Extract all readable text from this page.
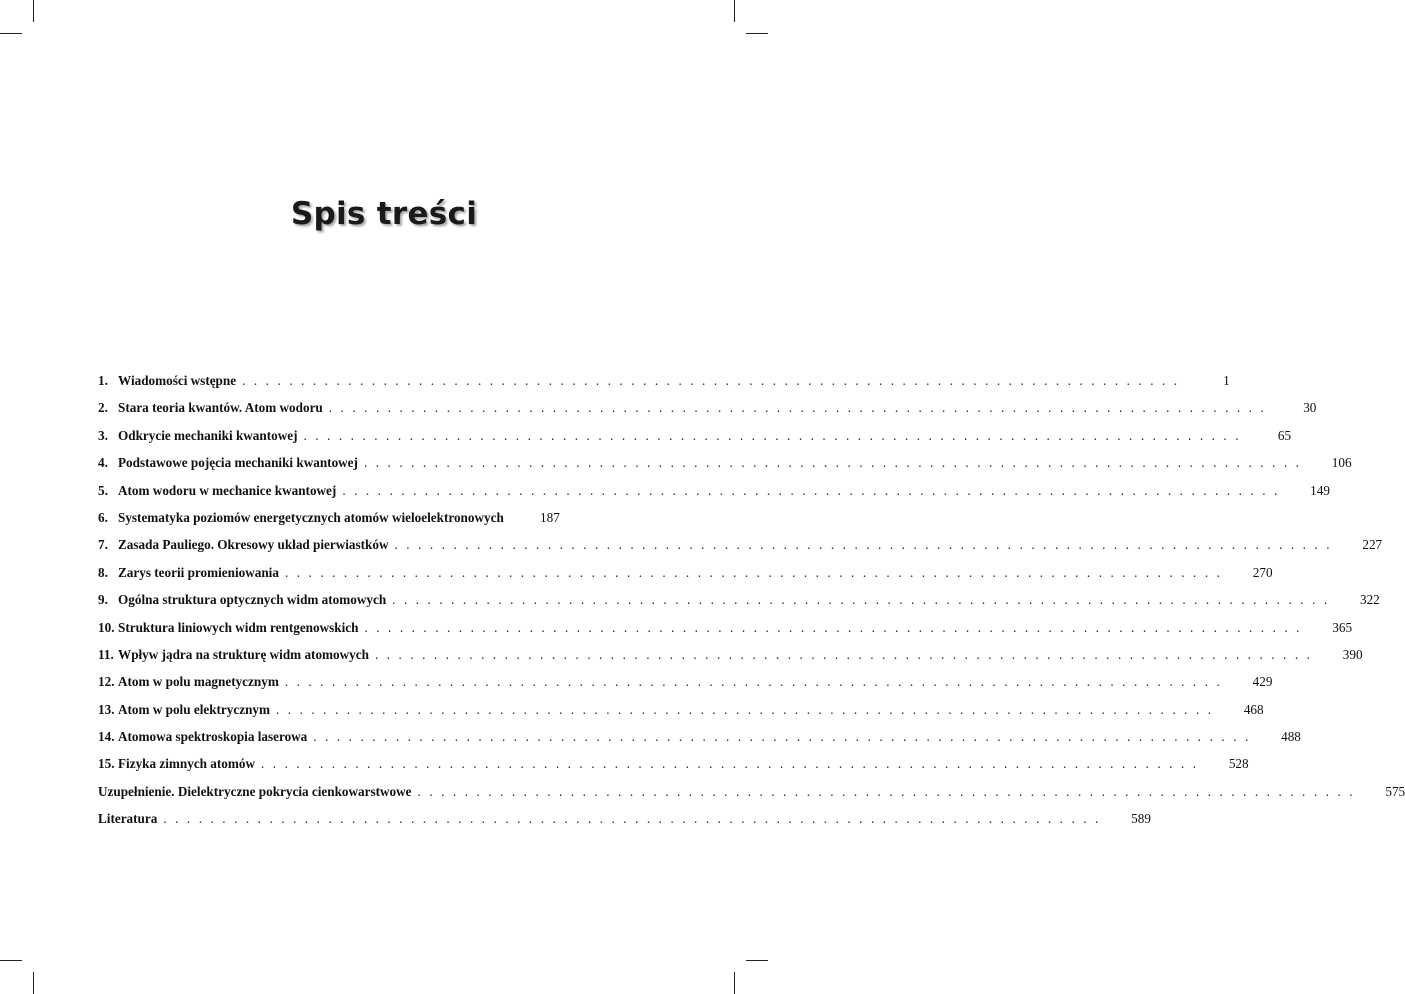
Spis treści
1. Wiadomości wstępne . . . . . . . . . . . . . . . . . . . . . . . . . . . . . . . . . . . . . . . . . . . . . . . . . . . . . . . . . . . . . . . . . . . . . . . . . . . . . . . .	1
2. Stara teoria kwantów. Atom wodoru . . . . . . . . . . . . . . . . . . . . . . . . . . . . . . . . . . . . . . . . . . . . . . . . . . . . . . . . . . . . . . . . . . . . . . . . . . . . . . . .	30
3. Odkrycie mechaniki kwantowej . . . . . . . . . . . . . . . . . . . . . . . . . . . . . . . . . . . . . . . . . . . . . . . . . . . . . . . . . . . . . . . . . . . . . . . . . . . . . . . .	65
4. Podstawowe pojęcia mechaniki kwantowej . . . . . . . . . . . . . . . . . . . . . . . . . . . . . . . . . . . . . . . . . . . . . . . . . . . . . . . . . . . . . . . . . . . . . . . . . . . . . . . .	106
5. Atom wodoru w mechanice kwantowej . . . . . . . . . . . . . . . . . . . . . . . . . . . . . . . . . . . . . . . . . . . . . . . . . . . . . . . . . . . . . . . . . . . . . . . . . . . . . . . .	149
6. Systematyka poziomów energetycznych atomów wieloelektronowych	187
7. Zasada Pauliego. Okresowy układ pierwiastków . . . . . . . . . . . . . . . . . . . . . . . . . . . . . . . . . . . . . . . . . . . . . . . . . . . . . . . . . . . . . . . . . . . . . . . . . . . . . . . .	227
8. Zarys teorii promieniowania . . . . . . . . . . . . . . . . . . . . . . . . . . . . . . . . . . . . . . . . . . . . . . . . . . . . . . . . . . . . . . . . . . . . . . . . . . . . . . . .	270
9. Ogólna struktura optycznych widm atomowych . . . . . . . . . . . . . . . . . . . . . . . . . . . . . . . . . . . . . . . . . . . . . . . . . . . . . . . . . . . . . . . . . . . . . . . . . . . . . . . .	322
10. Struktura liniowych widm rentgenowskich . . . . . . . . . . . . . . . . . . . . . . . . . . . . . . . . . . . . . . . . . . . . . . . . . . . . . . . . . . . . . . . . . . . . . . . . . . . . . . . .	365
11. Wpływ jądra na strukturę widm atomowych . . . . . . . . . . . . . . . . . . . . . . . . . . . . . . . . . . . . . . . . . . . . . . . . . . . . . . . . . . . . . . . . . . . . . . . . . . . . . . . .	390
12. Atom w polu magnetycznym . . . . . . . . . . . . . . . . . . . . . . . . . . . . . . . . . . . . . . . . . . . . . . . . . . . . . . . . . . . . . . . . . . . . . . . . . . . . . . . .	429
13. Atom w polu elektrycznym . . . . . . . . . . . . . . . . . . . . . . . . . . . . . . . . . . . . . . . . . . . . . . . . . . . . . . . . . . . . . . . . . . . . . . . . . . . . . . . .	468
14. Atomowa spektroskopia laserowa . . . . . . . . . . . . . . . . . . . . . . . . . . . . . . . . . . . . . . . . . . . . . . . . . . . . . . . . . . . . . . . . . . . . . . . . . . . . . . . .	488
15. Fizyka zimnych atomów . . . . . . . . . . . . . . . . . . . . . . . . . . . . . . . . . . . . . . . . . . . . . . . . . . . . . . . . . . . . . . . . . . . . . . . . . . . . . . . .	528
Uzupełnienie. Dielektryczne pokrycia cienkowarstwowe . . . . . . . . . . . . . . . . . . . . . . . . . . . . . . . . . . . . . . . . . . . . . . . . . . . . . . . . . . . . . . . . . . . . . . . . . . . . . . . .	575
Literatura . . . . . . . . . . . . . . . . . . . . . . . . . . . . . . . . . . . . . . . . . . . . . . . . . . . . . . . . . . . . . . . . . . . . . . . . . . . . . . . .	589
